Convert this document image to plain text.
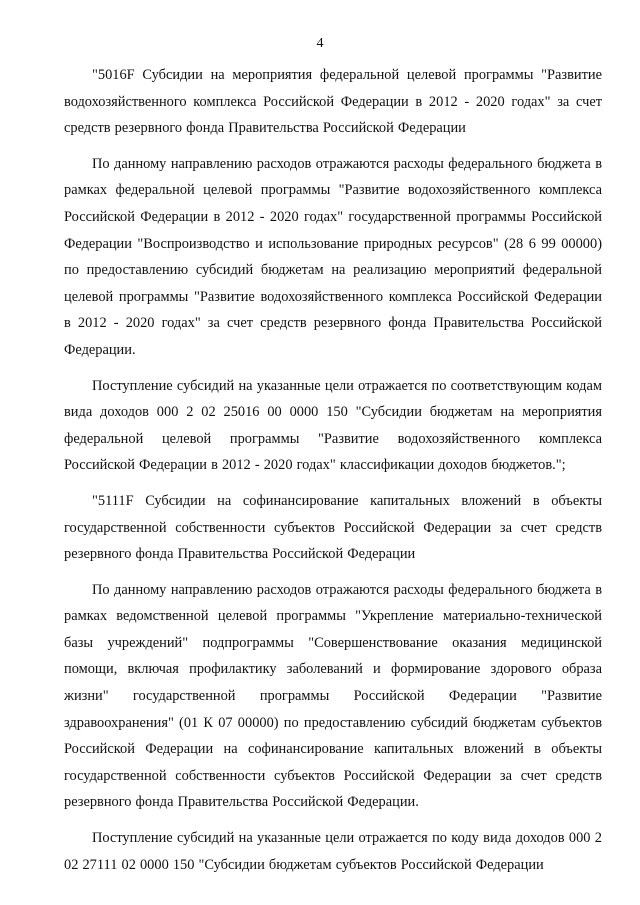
4

"5016F Субсидии на мероприятия федеральной целевой программы "Развитие водохозяйственного комплекса Российской Федерации в 2012 - 2020 годах" за счет средств резервного фонда Правительства Российской Федерации

По данному направлению расходов отражаются расходы федерального бюджета в рамках федеральной целевой программы "Развитие водохозяйственного комплекса Российской Федерации в 2012 - 2020 годах" государственной программы Российской Федерации "Воспроизводство и использование природных ресурсов" (28 6 99 00000) по предоставлению субсидий бюджетам на реализацию мероприятий федеральной целевой программы "Развитие водохозяйственного комплекса Российской Федерации в 2012 - 2020 годах" за счет средств резервного фонда Правительства Российской Федерации.

Поступление субсидий на указанные цели отражается по соответствующим кодам вида доходов 000 2 02 25016 00 0000 150 "Субсидии бюджетам на мероприятия федеральной целевой программы "Развитие водохозяйственного комплекса Российской Федерации в 2012 - 2020 годах" классификации доходов бюджетов.";

"5111F Субсидии на софинансирование капитальных вложений в объекты государственной собственности субъектов Российской Федерации за счет средств резервного фонда Правительства Российской Федерации

По данному направлению расходов отражаются расходы федерального бюджета в рамках ведомственной целевой программы "Укрепление материально-технической базы учреждений" подпрограммы "Совершенствование оказания медицинской помощи, включая профилактику заболеваний и формирование здорового образа жизни" государственной программы Российской Федерации "Развитие здравоохранения" (01 К 07 00000) по предоставлению субсидий бюджетам субъектов Российской Федерации на софинансирование капитальных вложений в объекты государственной собственности субъектов Российской Федерации за счет средств резервного фонда Правительства Российской Федерации.

Поступление субсидий на указанные цели отражается по коду вида доходов 000 2 02 27111 02 0000 150 "Субсидии бюджетам субъектов Российской Федерации
